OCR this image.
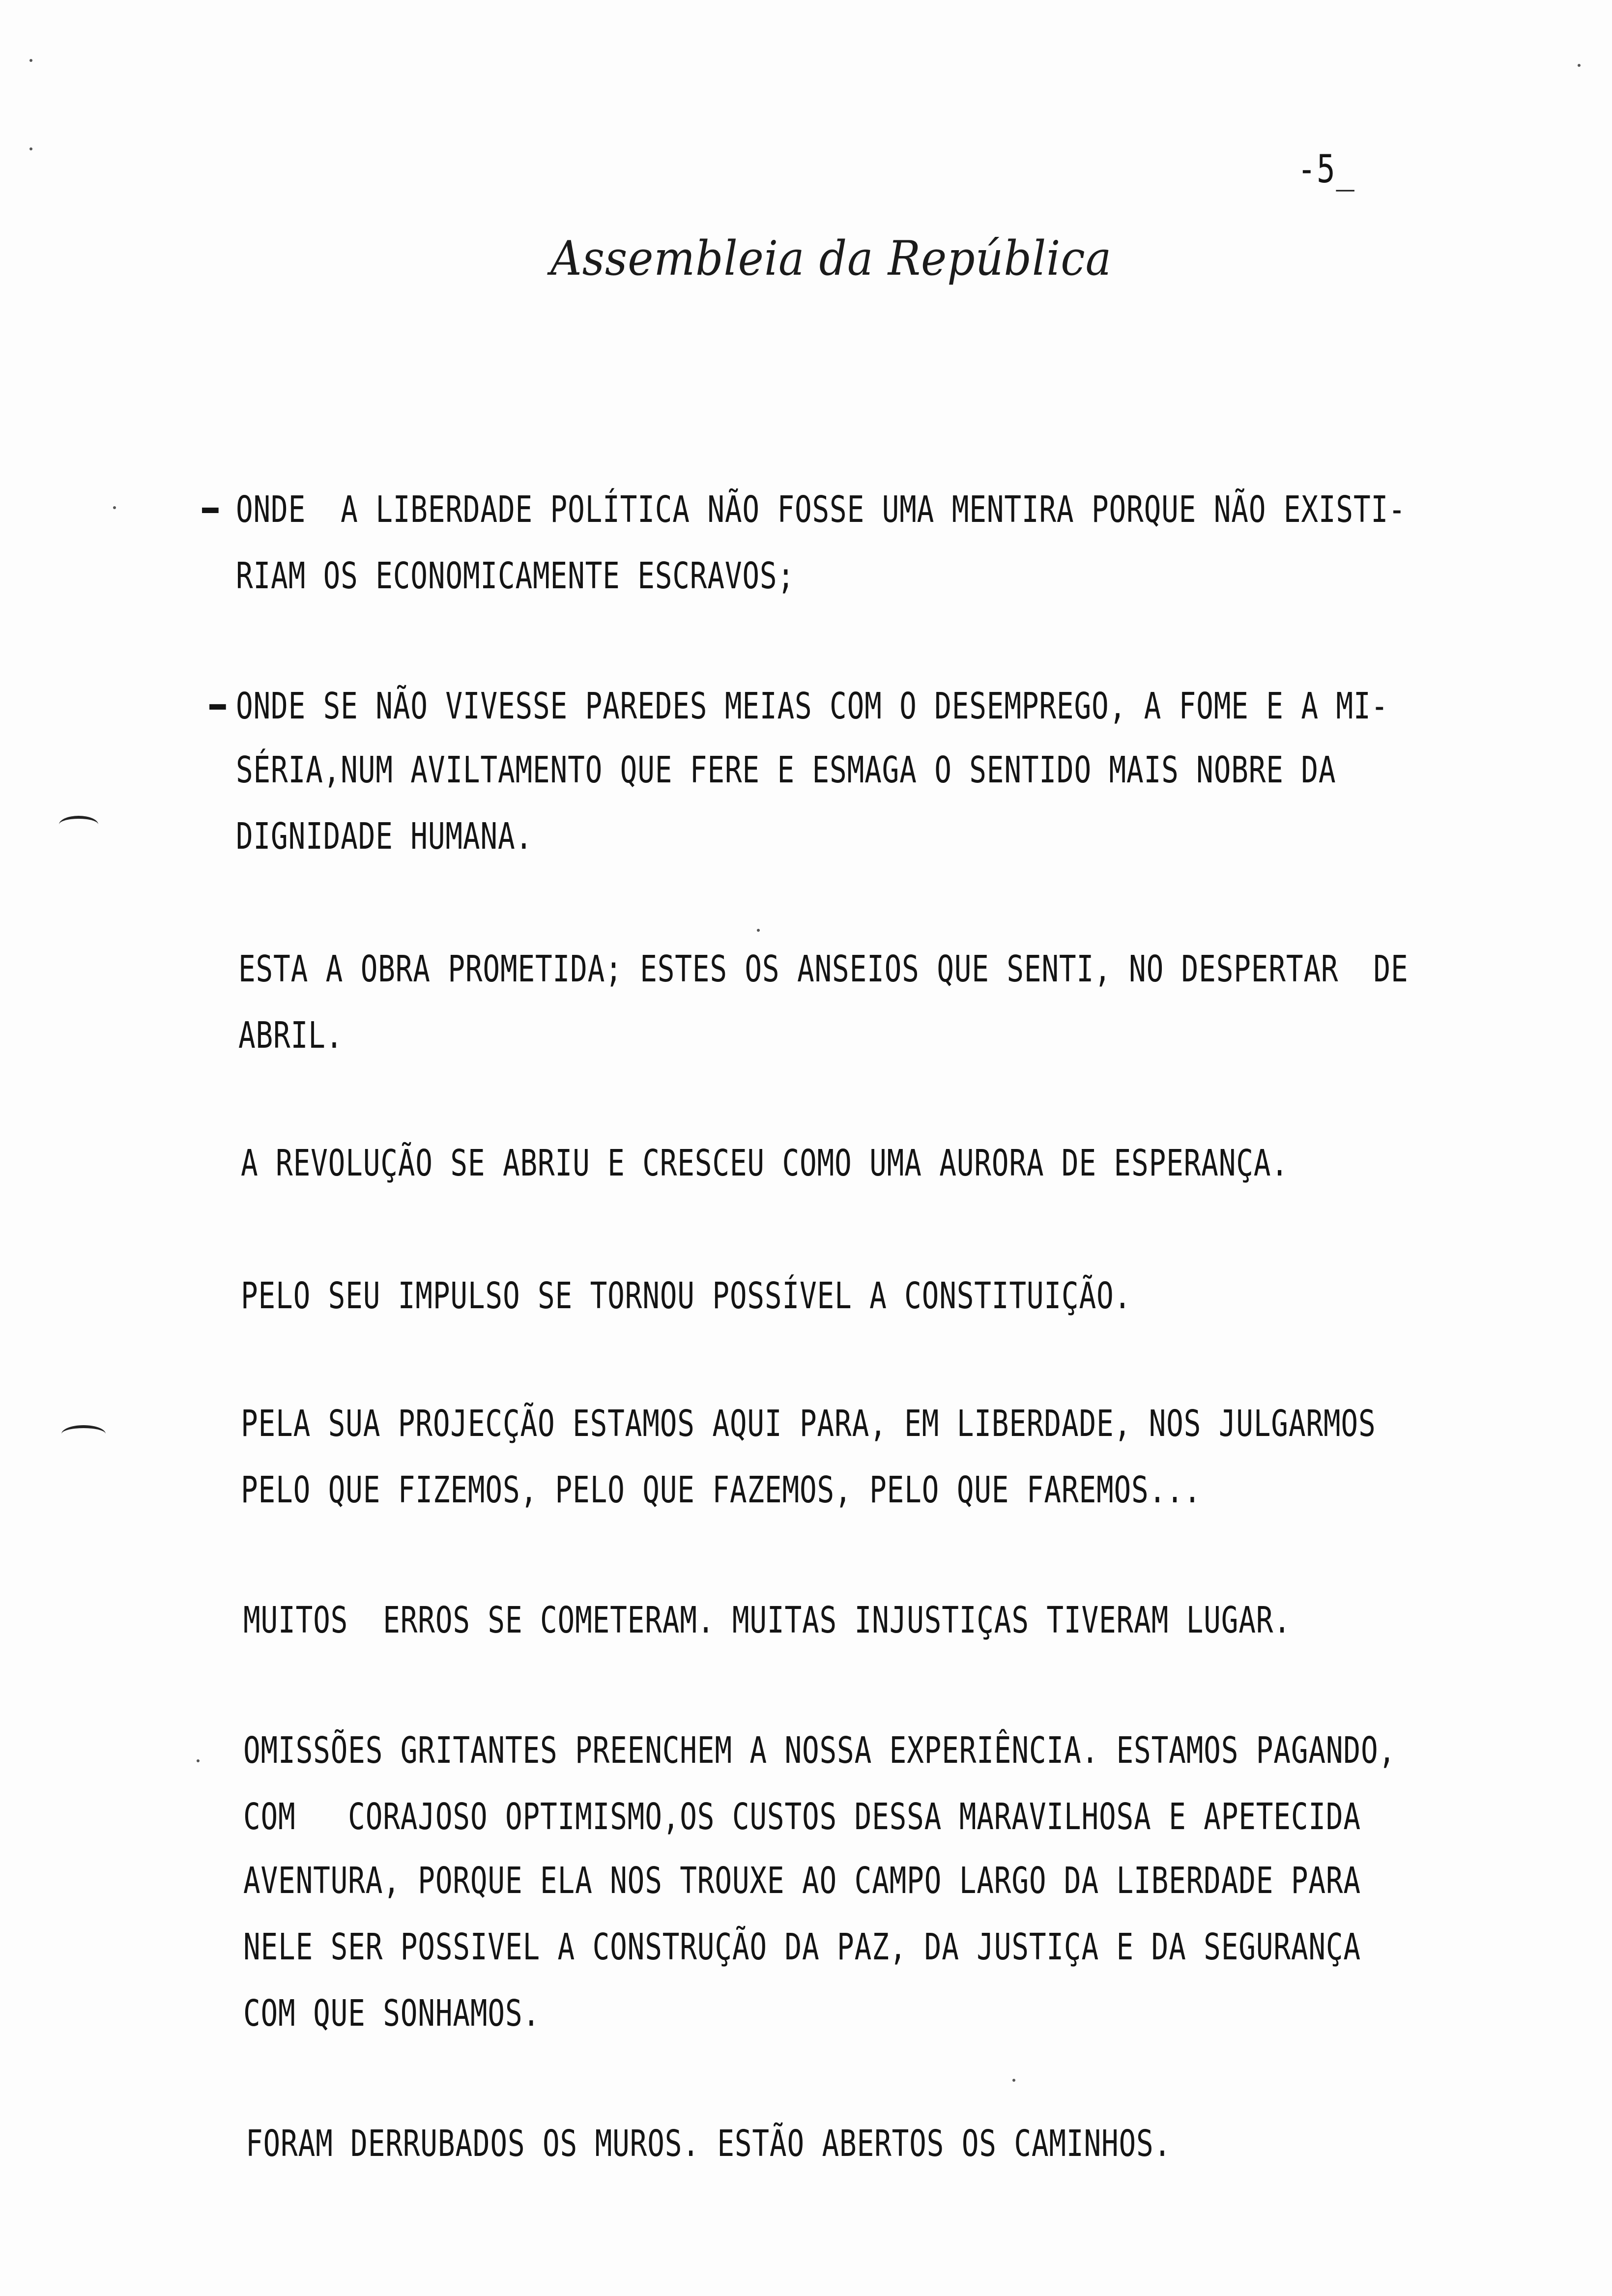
-5_
Assembleia da República
- ONDE  A LIBERDADE POLÍTICA NÃO FOSSE UMA MENTIRA PORQUE NÃO EXISTI-
RIAM OS ECONOMICAMENTE ESCRAVOS;
- ONDE SE NÃO VIVESSE PAREDES MEIAS COM O DESEMPREGO, A FOME E A MI-
SÉRIA,NUM AVILTAMENTO QUE FERE E ESMAGA O SENTIDO MAIS NOBRE DA
DIGNIDADE HUMANA.
ESTA A OBRA PROMETIDA; ESTES OS ANSEIOS QUE SENTI, NO DESPERTAR  DE
ABRIL.
A REVOLUÇÃO SE ABRIU E CRESCEU COMO UMA AURORA DE ESPERANÇA.
PELO SEU IMPULSO SE TORNOU POSSÍVEL A CONSTITUIÇÃO.
PELA SUA PROJECÇÃO ESTAMOS AQUI PARA, EM LIBERDADE, NOS JULGARMOS
PELO QUE FIZEMOS, PELO QUE FAZEMOS, PELO QUE FAREMOS...
MUITOS  ERROS SE COMETERAM. MUITAS INJUSTIÇAS TIVERAM LUGAR.
OMISSÕES GRITANTES PREENCHEM A NOSSA EXPERIÊNCIA. ESTAMOS PAGANDO,
COM   CORAJOSO OPTIMISMO,OS CUSTOS DESSA MARAVILHOSA E APETECIDA
AVENTURA, PORQUE ELA NOS TROUXE AO CAMPO LARGO DA LIBERDADE PARA
NELE SER POSSIVEL A CONSTRUÇÃO DA PAZ, DA JUSTIÇA E DA SEGURANÇA
COM QUE SONHAMOS.
FORAM DERRUBADOS OS MUROS. ESTÃO ABERTOS OS CAMINHOS.
